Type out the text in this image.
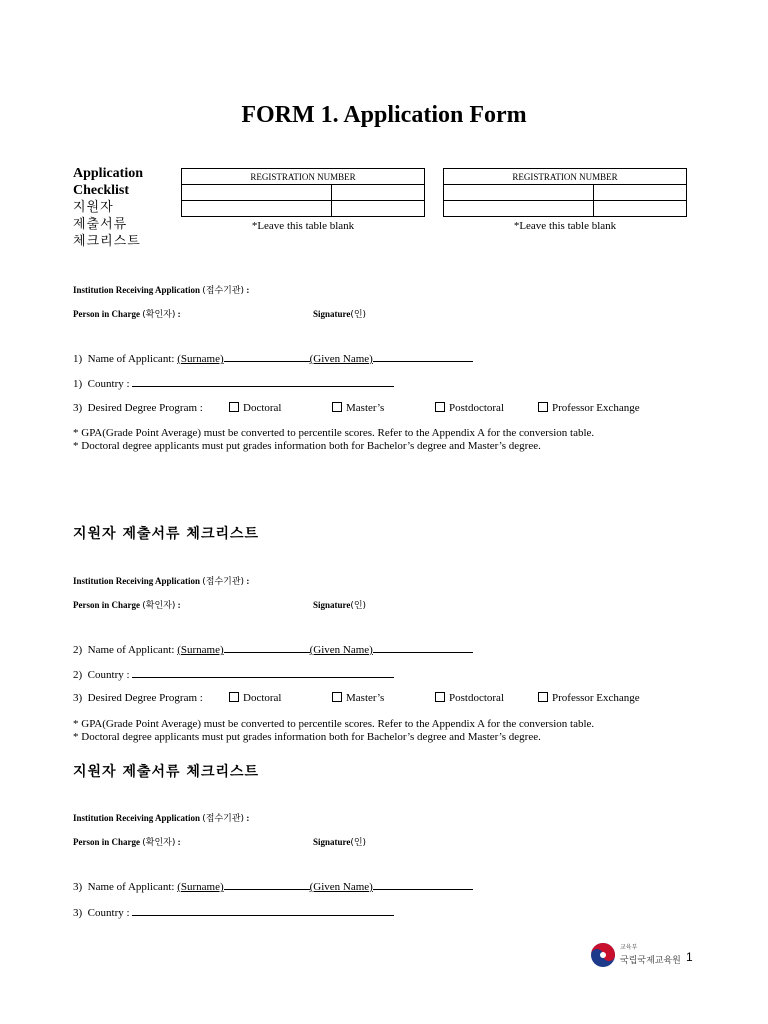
FORM 1. Application Form
Application
Checklist
지원자
제출서류
체크리스트
REGISTRATION NUMBER	

*Leave this table blank
REGISTRATION NUMBER	

*Leave this table blank
Institution Receiving Application (접수기관) :
Person in Charge (확인자) :	Signature(인)
1) Name of Applicant: (Surname)	(Given Name)
1) Country :
3) Desired Degree Program :	Doctoral	Master’s	Postdoctoral	Professor Exchange
* GPA(Grade Point Average) must be converted to percentile scores. Refer to the Appendix A for the conversion table.
* Doctoral degree applicants must put grades information both for Bachelor’s degree and Master’s degree.
지원자 제출서류 체크리스트
Institution Receiving Application (접수기관) :
Person in Charge (확인자) :	Signature(인)
2) Name of Applicant: (Surname)	(Given Name)
2) Country :
3) Desired Degree Program :	Doctoral	Master’s	Postdoctoral	Professor Exchange
* GPA(Grade Point Average) must be converted to percentile scores. Refer to the Appendix A for the conversion table.
* Doctoral degree applicants must put grades information both for Bachelor’s degree and Master’s degree.
지원자 제출서류 체크리스트
Institution Receiving Application (접수기관) :
Person in Charge (확인자) :	Signature(인)
3) Name of Applicant: (Surname)	(Given Name)
3) Country :
교육부
국립국제교육원 1
